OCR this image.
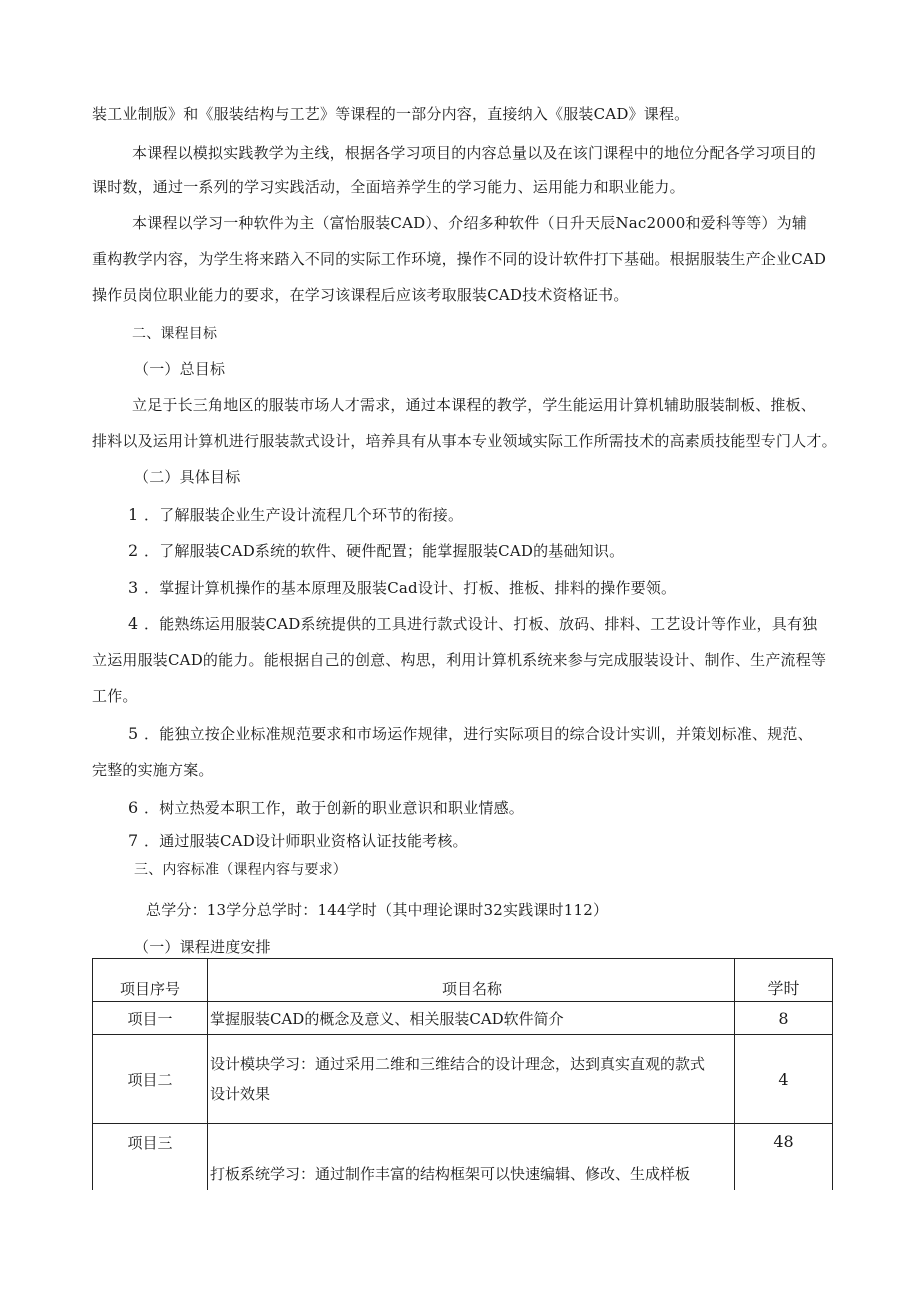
装工业制版》和《服装结构与工艺》等课程的一部分内容，直接纳入《服装CAD》课程。
本课程以模拟实践教学为主线，根据各学习项目的内容总量以及在该门课程中的地位分配各学习项目的
课时数，通过一系列的学习实践活动，全面培养学生的学习能力、运用能力和职业能力。
本课程以学习一种软件为主（富怡服装CAD）、介绍多种软件（日升天辰Nac2000和爱科等等）为辅
重构教学内容，为学生将来踏入不同的实际工作环境，操作不同的设计软件打下基础。根据服装生产企业CAD
操作员岗位职业能力的要求，在学习该课程后应该考取服装CAD技术资格证书。
二、课程目标
（一）总目标
立足于长三角地区的服装市场人才需求，通过本课程的教学，学生能运用计算机辅助服装制板、推板、
排料以及运用计算机进行服装款式设计，培养具有从事本专业领域实际工作所需技术的高素质技能型专门人才。
（二）具体目标
1 ．了解服装企业生产设计流程几个环节的衔接。
2 ．了解服装CAD系统的软件、硬件配置；能掌握服装CAD的基础知识。
3 ．掌握计算机操作的基本原理及服装Cad设计、打板、推板、排料的操作要领。
4 ．能熟练运用服装CAD系统提供的工具进行款式设计、打板、放码、排料、工艺设计等作业，具有独
立运用服装CAD的能力。能根据自己的创意、构思，利用计算机系统来参与完成服装设计、制作、生产流程等
工作。
5 ．能独立按企业标准规范要求和市场运作规律，进行实际项目的综合设计实训，并策划标准、规范、
完整的实施方案。
6 ．树立热爱本职工作，敢于创新的职业意识和职业情感。
7 ．通过服装CAD设计师职业资格认证技能考核。
三、内容标准（课程内容与要求）
总学分：13学分总学时：144学时（其中理论课时32实践课时112）
（一）课程进度安排
项目序号	项目名称	学时
项目一	掌握服装CAD的概念及意义、相关服装CAD软件简介	8
项目二	设计模块学习：通过采用二维和三维结合的设计理念，达到真实直观的款式
设计效果	4
项目三	打板系统学习：通过制作丰富的结构框架可以快速编辑、修改、生成样板	48
